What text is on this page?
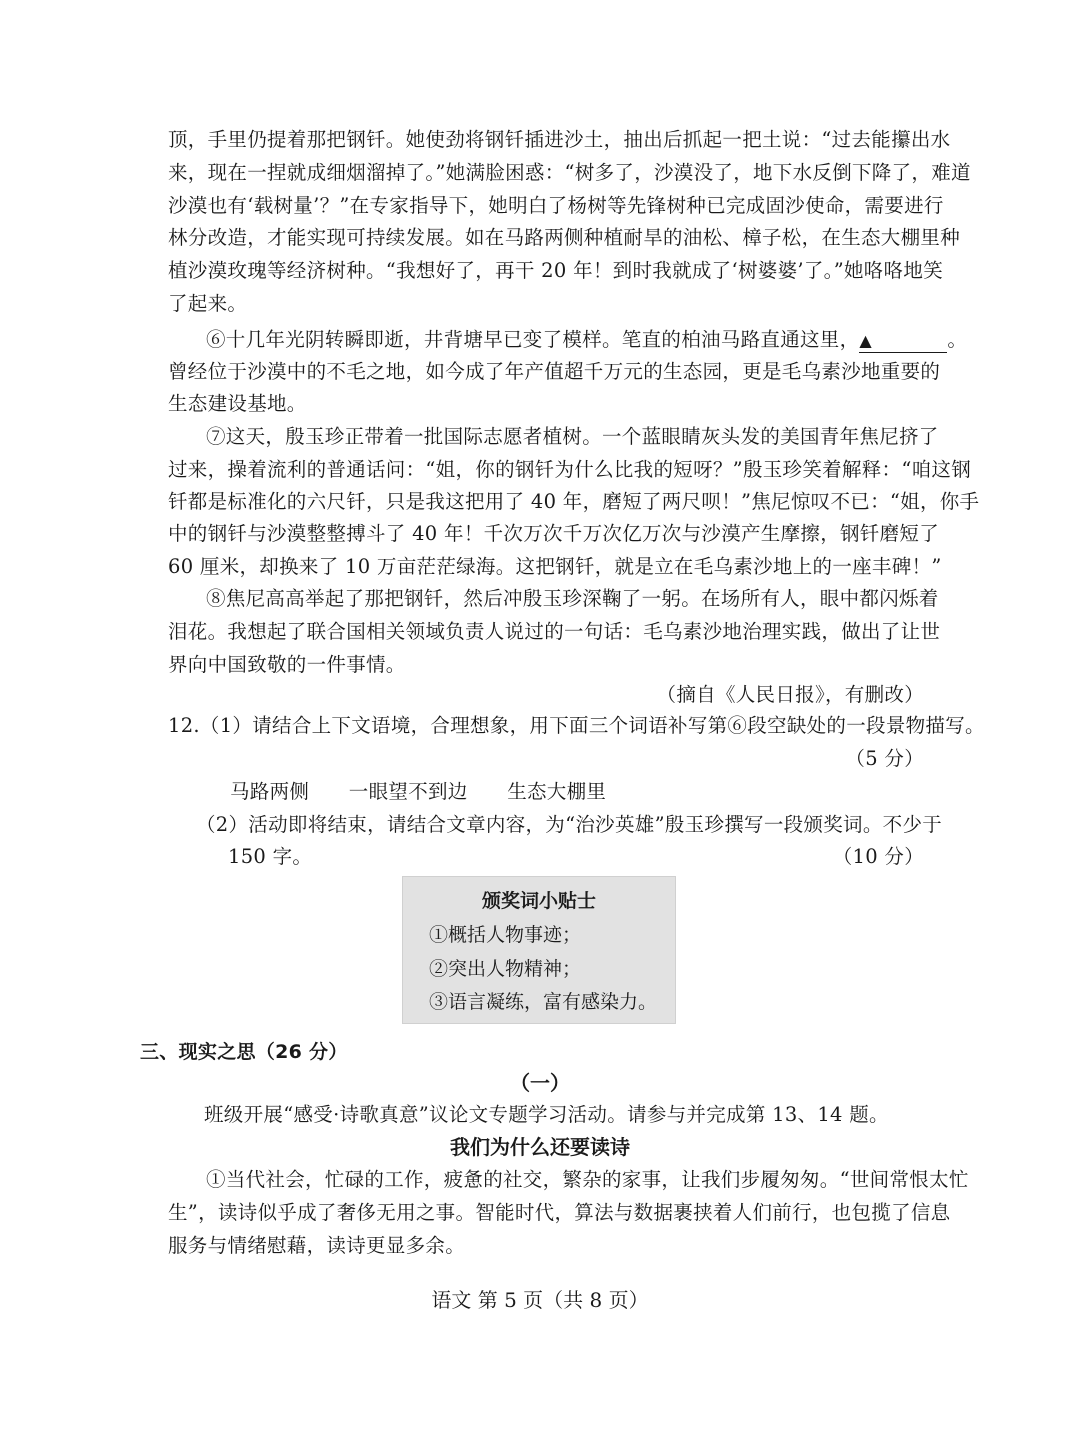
顶，手里仍提着那把钢钎。她使劲将钢钎插进沙土，抽出后抓起一把土说：“过去能攥出水
来，现在一捏就成细烟溜掉了。”她满脸困惑：“树多了，沙漠没了，地下水反倒下降了，难道
沙漠也有‘载树量’？”在专家指导下，她明白了杨树等先锋树种已完成固沙使命，需要进行
林分改造，才能实现可持续发展。如在马路两侧种植耐旱的油松、樟子松，在生态大棚里种
植沙漠玫瑰等经济树种。“我想好了，再干 20 年！到时我就成了‘树婆婆’了。”她咯咯地笑
了起来。
⑥十几年光阴转瞬即逝，井背塘早已变了模样。笔直的柏油马路直通这里，▲	。
曾经位于沙漠中的不毛之地，如今成了年产值超千万元的生态园，更是毛乌素沙地重要的
生态建设基地。
⑦这天，殷玉珍正带着一批国际志愿者植树。一个蓝眼睛灰头发的美国青年焦尼挤了
过来，操着流利的普通话问：“姐，你的钢钎为什么比我的短呀？”殷玉珍笑着解释：“咱这钢
钎都是标准化的六尺钎，只是我这把用了 40 年，磨短了两尺呗！”焦尼惊叹不已：“姐，你手
中的钢钎与沙漠整整搏斗了 40 年！千次万次千万次亿万次与沙漠产生摩擦，钢钎磨短了
60 厘米，却换来了 10 万亩茫茫绿海。这把钢钎，就是立在毛乌素沙地上的一座丰碑！”
⑧焦尼高高举起了那把钢钎，然后冲殷玉珍深鞠了一躬。在场所有人，眼中都闪烁着
泪花。我想起了联合国相关领域负责人说过的一句话：毛乌素沙地治理实践，做出了让世
界向中国致敬的一件事情。
（摘自《人民日报》，有删改）
12.（1）请结合上下文语境，合理想象，用下面三个词语补写第⑥段空缺处的一段景物描写。
（5 分）
马路两侧　　一眼望不到边　　生态大棚里
（2）活动即将结束，请结合文章内容，为“治沙英雄”殷玉珍撰写一段颁奖词。不少于
150 字。	（10 分）
颁奖词小贴士
①概括人物事迹；
②突出人物精神；
③语言凝练，富有感染力。
三、现实之思（26 分）
（一）
班级开展“感受·诗歌真意”议论文专题学习活动。请参与并完成第 13、14 题。
我们为什么还要读诗
①当代社会，忙碌的工作，疲惫的社交，繁杂的家事，让我们步履匆匆。“世间常恨太忙
生”，读诗似乎成了奢侈无用之事。智能时代，算法与数据裹挟着人们前行，也包揽了信息
服务与情绪慰藉，读诗更显多余。
语文 第 5 页（共 8 页）
